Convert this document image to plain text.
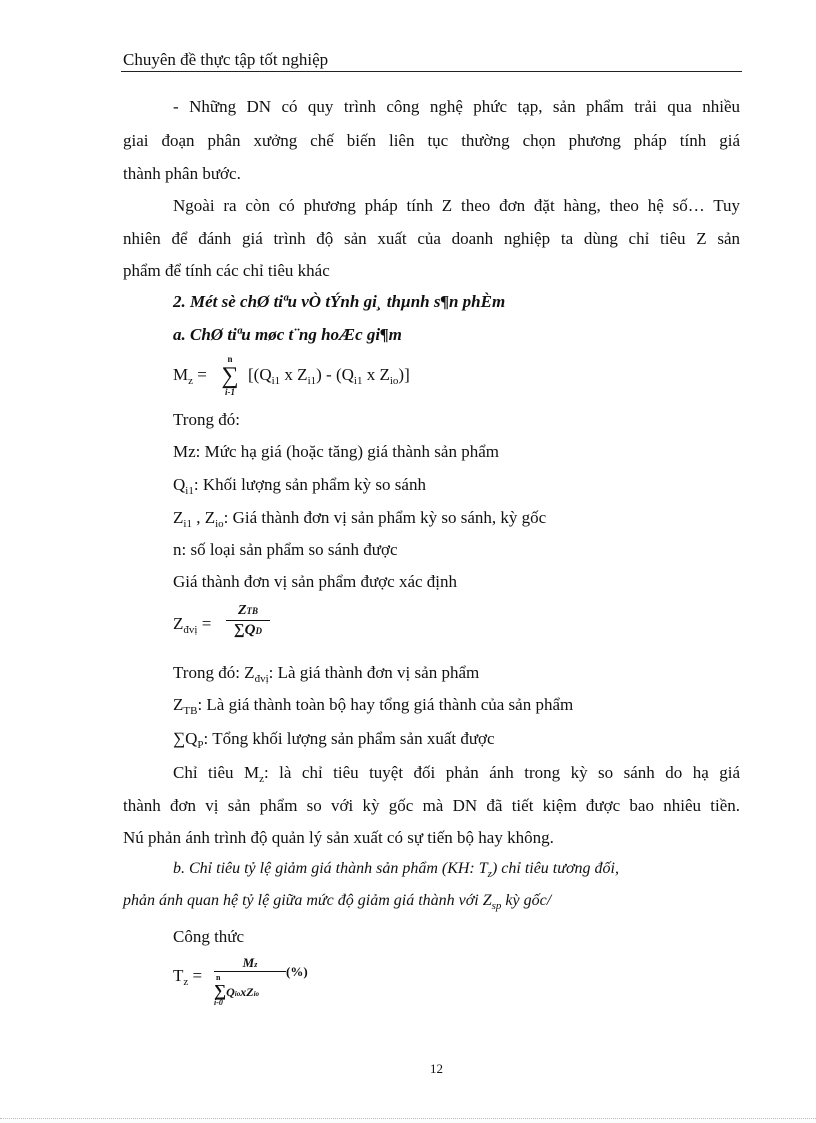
Chuyên đề thực tập tốt nghiệp
- Những DN có quy trình công nghệ phức tạp, sản phẩm trải qua nhiều
giai đoạn phân xưởng chế biến liên tục thường chọn phương pháp tính giá
thành phân bước.
Ngoài ra còn có phương pháp tính Z theo đơn đặt hàng, theo hệ số… Tuy
nhiên để đánh giá trình độ sản xuất của doanh nghiệp ta dùng chỉ tiêu Z sản
phẩm để tính các chỉ tiêu khác
2. Mét sè chØ tiªu vÒ tÝnh gi¸ thµnh s¶n phÈm
a. ChØ tiªu møc t¨ng hoÆc gi¶m
$M_z$ =
n
∑
i-1
[($Q_{i1}$ x $Z_{i1}) - (Q_{i1}$ x $Z_{io}$)]
Trong đó:
Mz: Mức hạ giá (hoặc tăng) giá thành sản phẩm
$Q_{i1}$: Khối lượng sản phẩm kỳ so sánh
$Z_{i1}$ , $Z_{io}$: Giá thành đơn vị sản phẩm kỳ so sánh, kỳ gốc
n: số loại sản phẩm so sánh được
Giá thành đơn vị sản phẩm được xác định
$Z_{đvị}$ =
ZTB
∑QD
Trong đó: $Z_{đvị}$: Là giá thành đơn vị sản phẩm
$Z_{TB}$: Là giá thành toàn bộ hay tổng giá thành của sản phẩm
$\sum Q_P$: Tổng khối lượng sản phẩm sản xuất được
Chỉ tiêu $M_z$: là chỉ tiêu tuyệt đối phản ánh trong kỳ so sánh do hạ giá
thành đơn vị sản phẩm so với kỳ gốc mà DN đã tiết kiệm được bao nhiêu tiền.
Nú phản ánh trình độ quản lý sản xuất có sự tiến bộ hay không.
b. Chỉ tiêu tỷ lệ giảm giá thành sản phẩm (KH: $T_z$) chỉ tiêu tương đối,
phản ánh quan hệ tỷ lệ giữa mức độ giảm giá thành với $Z_{sp}$ kỳ gốc/
Công thức
$T_z$ =
Mz
n
∑QioxZio
i-0
(%)
12
